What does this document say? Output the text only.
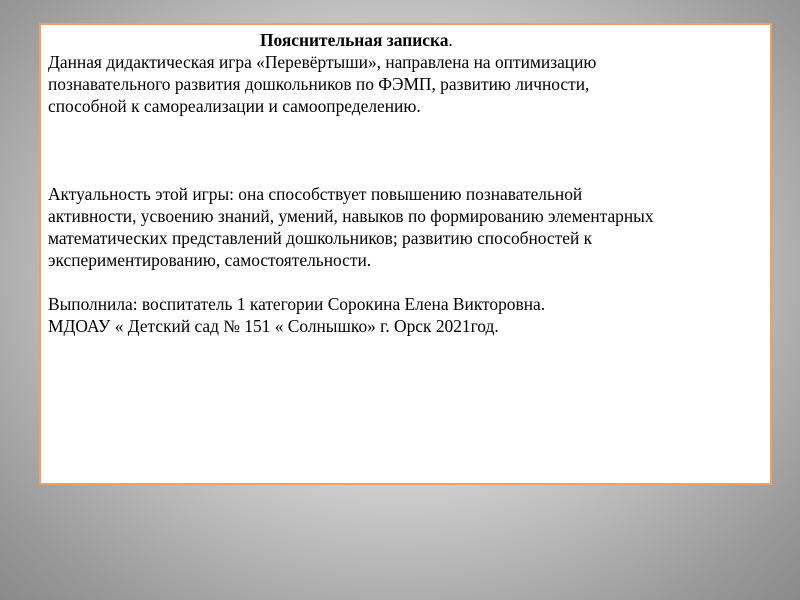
Пояснительная записка.

Данная дидактическая игра «Перевёртыши», направлена на оптимизацию

познавательного развития дошкольников по ФЭМП, развитию личности,

способной к самореализации и самоопределению.

Актуальность этой игры: она способствует повышению познавательной

активности, усвоению знаний, умений, навыков по формированию элементарных

математических представлений дошкольников; развитию способностей к

экспериментированию, самостоятельности.

Выполнила: воспитатель 1 категории Сорокина Елена Викторовна.

МДОАУ « Детский сад № 151 « Солнышко» г. Орск 2021год.
